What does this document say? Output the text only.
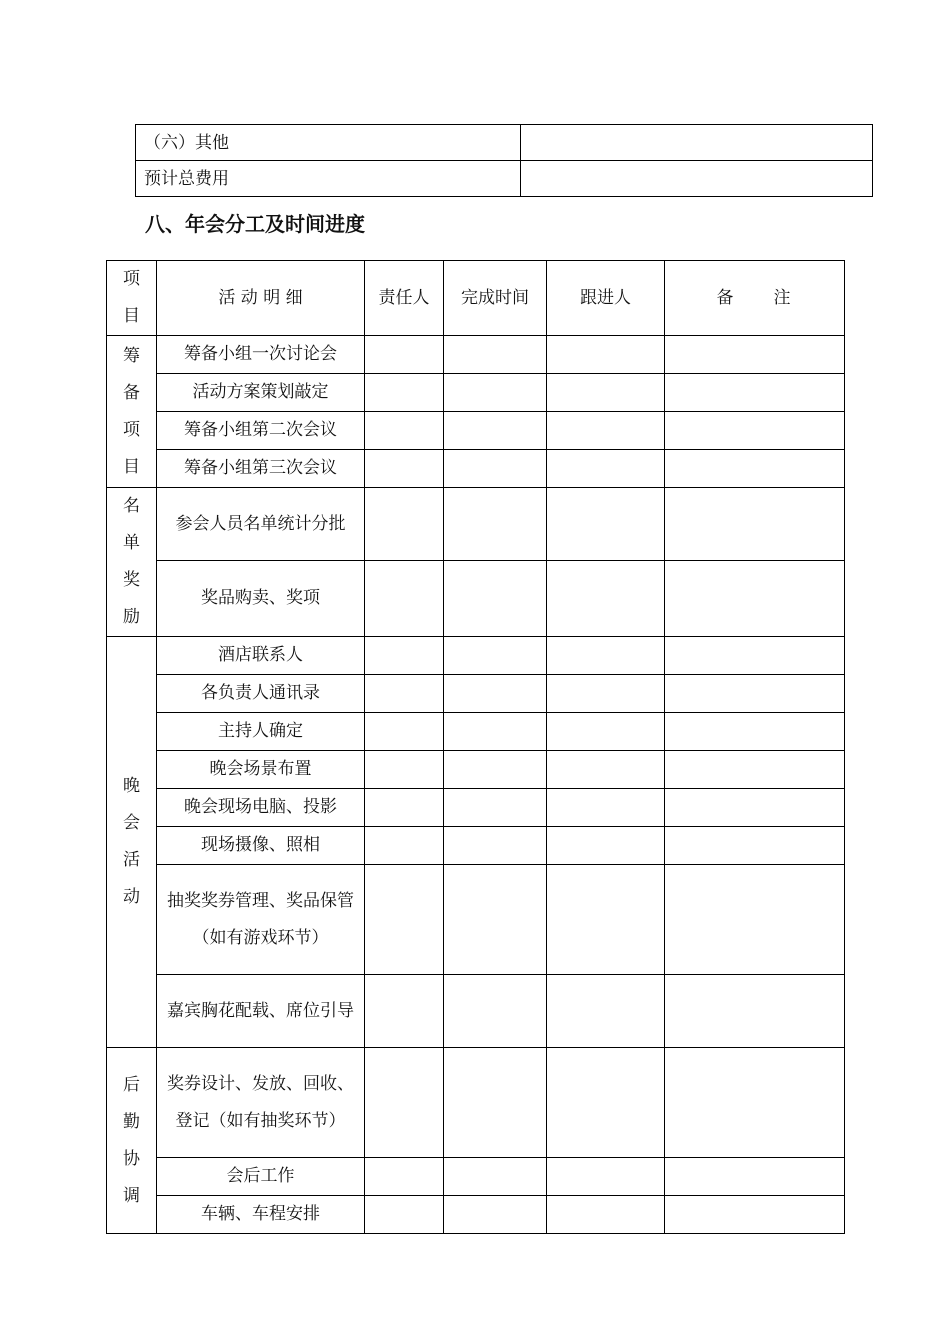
（六）其他	
预计总费用	
八、年会分工及时间进度
项
目	活 动 明 细	责任人	完成时间	跟进人	备　　注

筹
备
项
目	筹备小组一次讨论会				
	活动方案策划敲定				
	筹备小组第二次会议				
	筹备小组第三次会议				

名
单
奖
励	参会人员名单统计分批				
	奖品购卖、奖项				

晚
会
活
动	酒店联系人				
	各负责人通讯录				
	主持人确定				
	晚会场景布置				
	晚会现场电脑、投影				
	现场摄像、照相				
	抽奖奖券管理、奖品保管（如有游戏环节）				
	嘉宾胸花配载、席位引导				

后
勤
协
调	奖券设计、发放、回收、登记（如有抽奖环节）				
	会后工作				
	车辆、车程安排				
